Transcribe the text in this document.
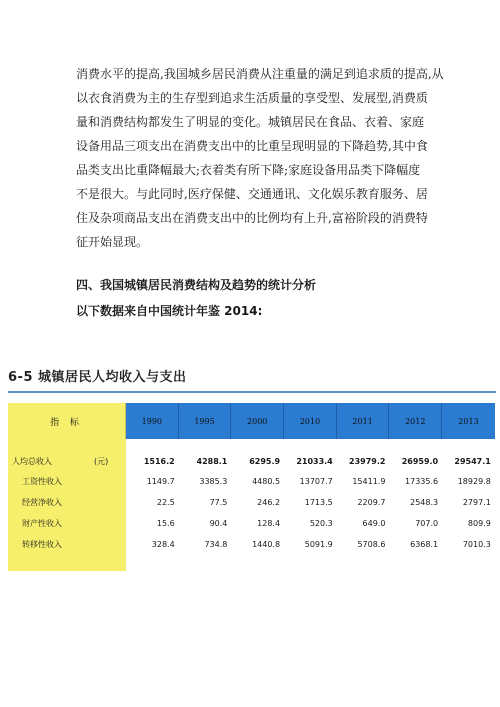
消费水平的提高,我国城乡居民消费从注重量的满足到追求质的提高,从
以衣食消费为主的生存型到追求生活质量的享受型、发展型,消费质
量和消费结构都发生了明显的变化。城镇居民在食品、衣着、家庭
设备用品三项支出在消费支出中的比重呈现明显的下降趋势,其中食
品类支出比重降幅最大;衣着类有所下降;家庭设备用品类下降幅度
不是很大。与此同时,医疗保健、交通通讯、文化娱乐教育服务、居
住及杂项商品支出在消费支出中的比例均有上升,富裕阶段的消费特
征开始显现。
四、我国城镇居民消费结构及趋势的统计分析
以下数据来自中国统计年鉴 2014:
6-5 城镇居民人均收入与支出
指 标	1990	1995	2000	2010	2011	2012	2013
人均总收入	(元)	1516.2	4288.1	6295.9	21033.4	23979.2	26959.0	29547.1
工资性收入	1149.7	3385.3	4480.5	13707.7	15411.9	17335.6	18929.8
经营净收入	22.5	77.5	246.2	1713.5	2209.7	2548.3	2797.1
财产性收入	15.6	90.4	128.4	520.3	649.0	707.0	809.9
转移性收入	328.4	734.8	1440.8	5091.9	5708.6	6368.1	7010.3
